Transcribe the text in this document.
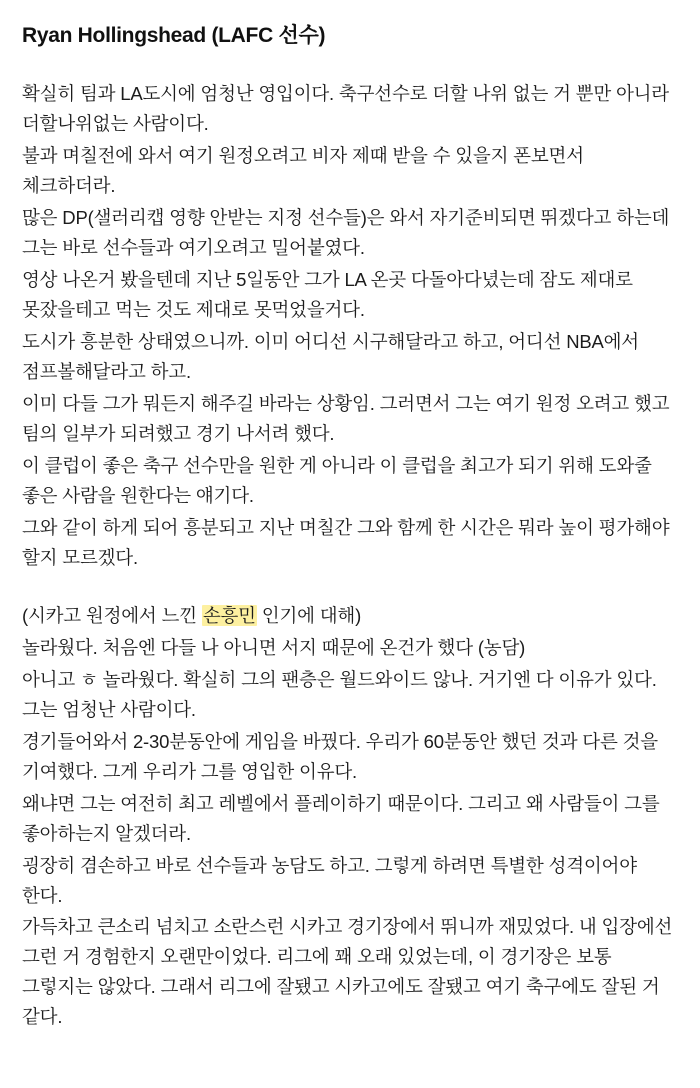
Ryan Hollingshead (LAFC 선수)

확실히 팀과 LA도시에 엄청난 영입이다. 축구선수로 더할 나위 없는 거 뿐만 아니라 더할나위없는 사람이다.

불과 며칠전에 와서 여기 원정오려고 비자 제때 받을 수 있을지 폰보면서 체크하더라.

많은 DP(샐러리캡 영향 안받는 지정 선수들)은 와서 자기준비되면 뛰겠다고 하는데 그는 바로 선수들과 여기오려고 밀어붙였다.

영상 나온거 봤을텐데 지난 5일동안 그가 LA 온곳 다돌아다녔는데 잠도 제대로 못잤을테고 먹는 것도 제대로 못먹었을거다.

도시가 흥분한 상태였으니까. 이미 어디선 시구해달라고 하고, 어디선 NBA에서 점프볼해달라고 하고.

이미 다들 그가 뭐든지 해주길 바라는 상황임. 그러면서 그는 여기 원정 오려고 했고 팀의 일부가 되려했고 경기 나서려 했다.

이 클럽이 좋은 축구 선수만을 원한 게 아니라 이 클럽을 최고가 되기 위해 도와줄 좋은 사람을 원한다는 얘기다.

그와 같이 하게 되어 흥분되고 지난 며칠간 그와 함께 한 시간은 뭐라 높이 평가해야 할지 모르겠다.

(시카고 원정에서 느낀 손흥민 인기에 대해)

놀라웠다. 처음엔 다들 나 아니면 서지 때문에 온건가 했다 (농담)

아니고 ㅎ 놀라웠다. 확실히 그의 팬층은 월드와이드 않나. 거기엔 다 이유가 있다. 그는 엄청난 사람이다.

경기들어와서 2-30분동안에 게임을 바꿨다. 우리가 60분동안 했던 것과 다른 것을 기여했다. 그게 우리가 그를 영입한 이유다.

왜냐면 그는 여전히 최고 레벨에서 플레이하기 때문이다. 그리고 왜 사람들이 그를 좋아하는지 알겠더라.

굉장히 겸손하고 바로 선수들과 농담도 하고. 그렇게 하려면 특별한 성격이어야 한다.

가득차고 큰소리 넘치고 소란스런 시카고 경기장에서 뛰니까 재밌었다. 내 입장에선 그런 거 경험한지 오랜만이었다. 리그에 꽤 오래 있었는데, 이 경기장은 보통 그렇지는 않았다. 그래서 리그에 잘됐고 시카고에도 잘됐고 여기 축구에도 잘된 거 같다.
